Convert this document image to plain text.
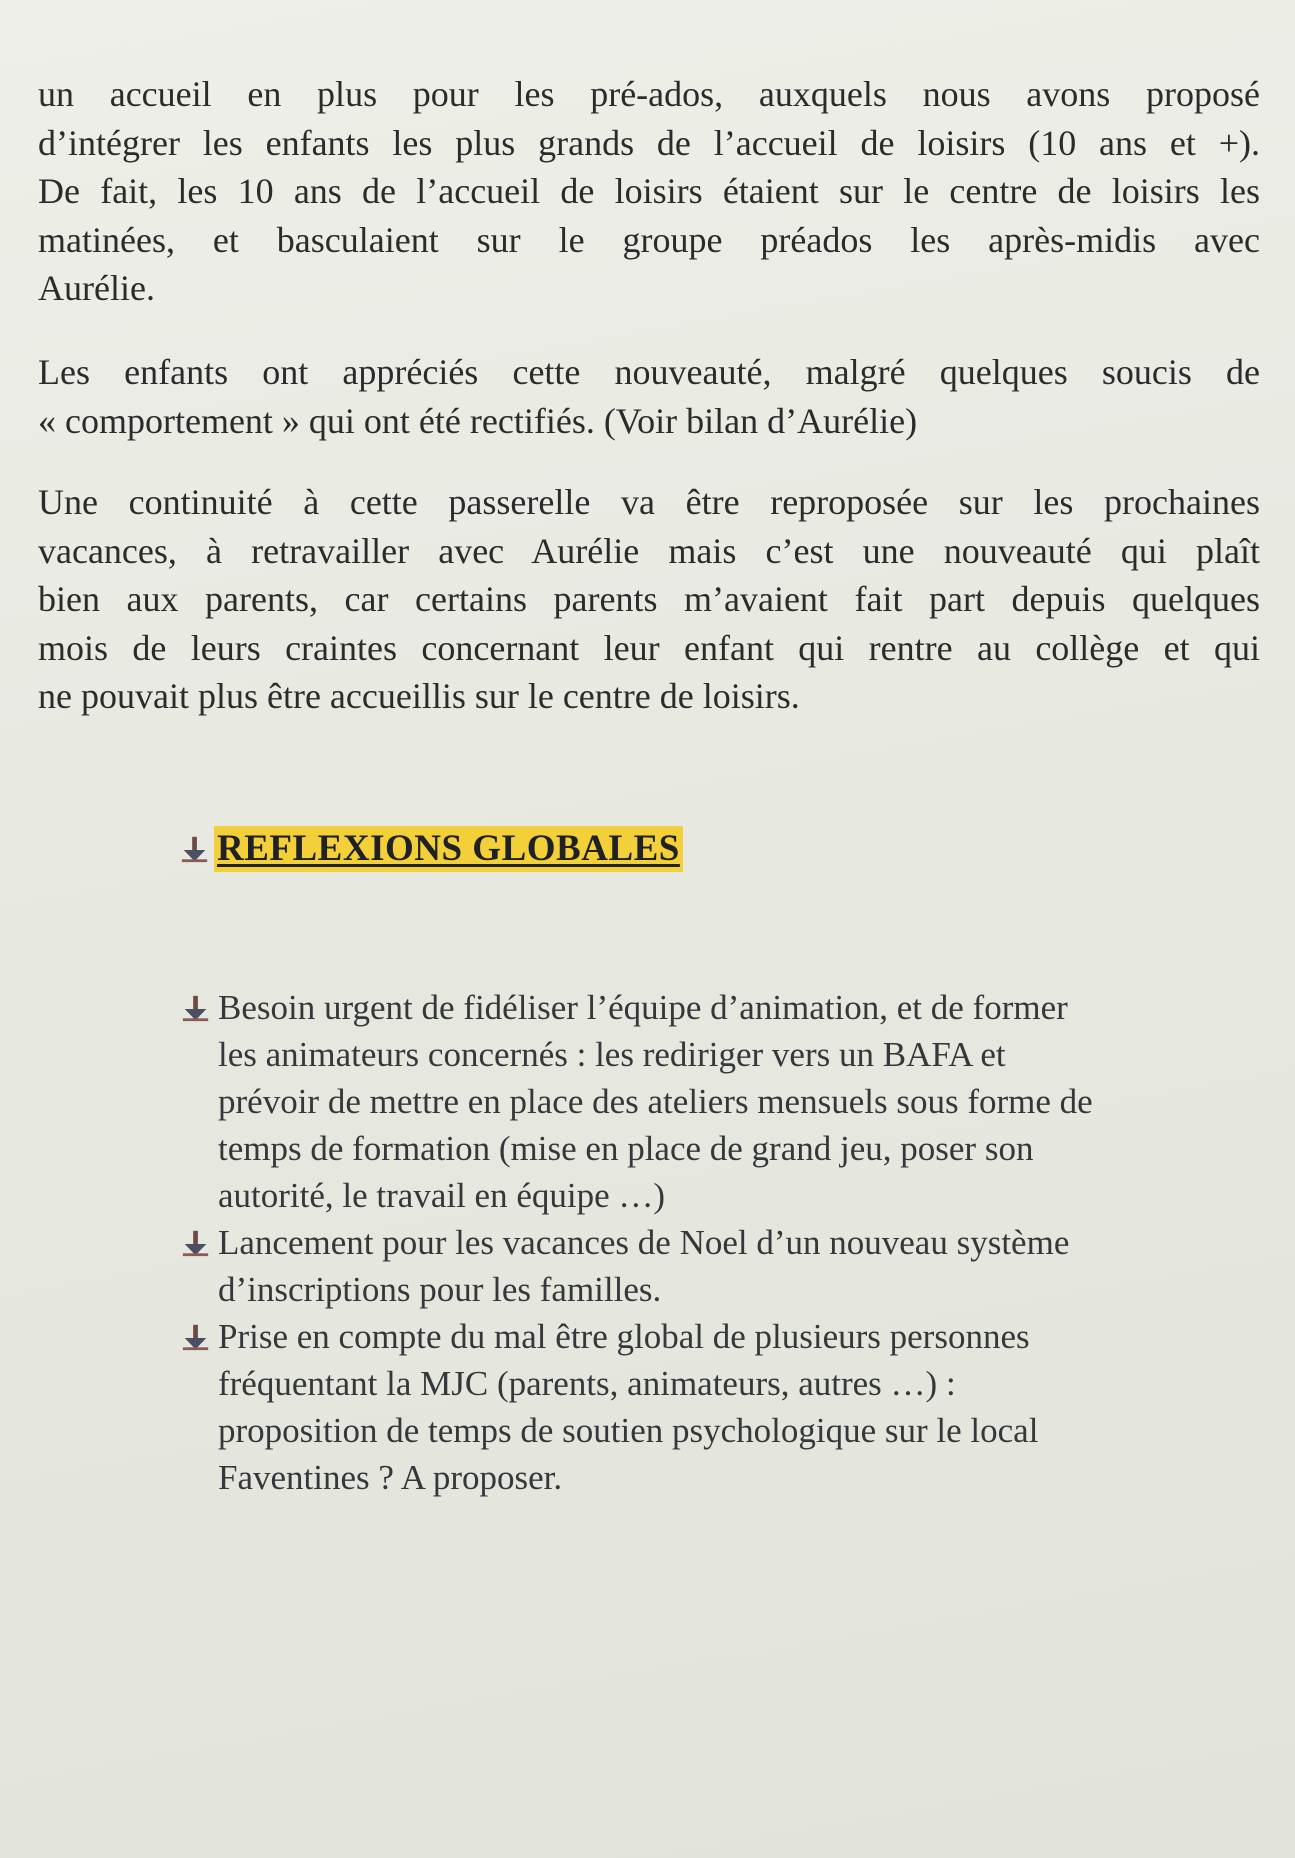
un accueil en plus pour les pré-ados, auxquels nous avons proposé
d’intégrer les enfants les plus grands de l’accueil de loisirs (10 ans et +).
De fait, les 10 ans de l’accueil de loisirs étaient sur le centre de loisirs les
matinées, et basculaient sur le groupe préados les après-midis avec
Aurélie.
Les enfants ont appréciés cette nouveauté, malgré quelques soucis de
« comportement » qui ont été rectifiés. (Voir bilan d’Aurélie)
Une continuité à cette passerelle va être reproposée sur les prochaines
vacances, à retravailler avec Aurélie mais c’est une nouveauté qui plaît
bien aux parents, car certains parents m’avaient fait part depuis quelques
mois de leurs craintes concernant leur enfant qui rentre au collège et qui
ne pouvait plus être accueillis sur le centre de loisirs.
REFLEXIONS GLOBALES
Besoin urgent de fidéliser l’équipe d’animation, et de former
les animateurs concernés : les rediriger vers un BAFA et
prévoir de mettre en place des ateliers mensuels sous forme de
temps de formation (mise en place de grand jeu, poser son
autorité, le travail en équipe …)
Lancement pour les vacances de Noel d’un nouveau système
d’inscriptions pour les familles.
Prise en compte du mal être global de plusieurs personnes
fréquentant la MJC (parents, animateurs, autres …) :
proposition de temps de soutien psychologique sur le local
Faventines ? A proposer.
